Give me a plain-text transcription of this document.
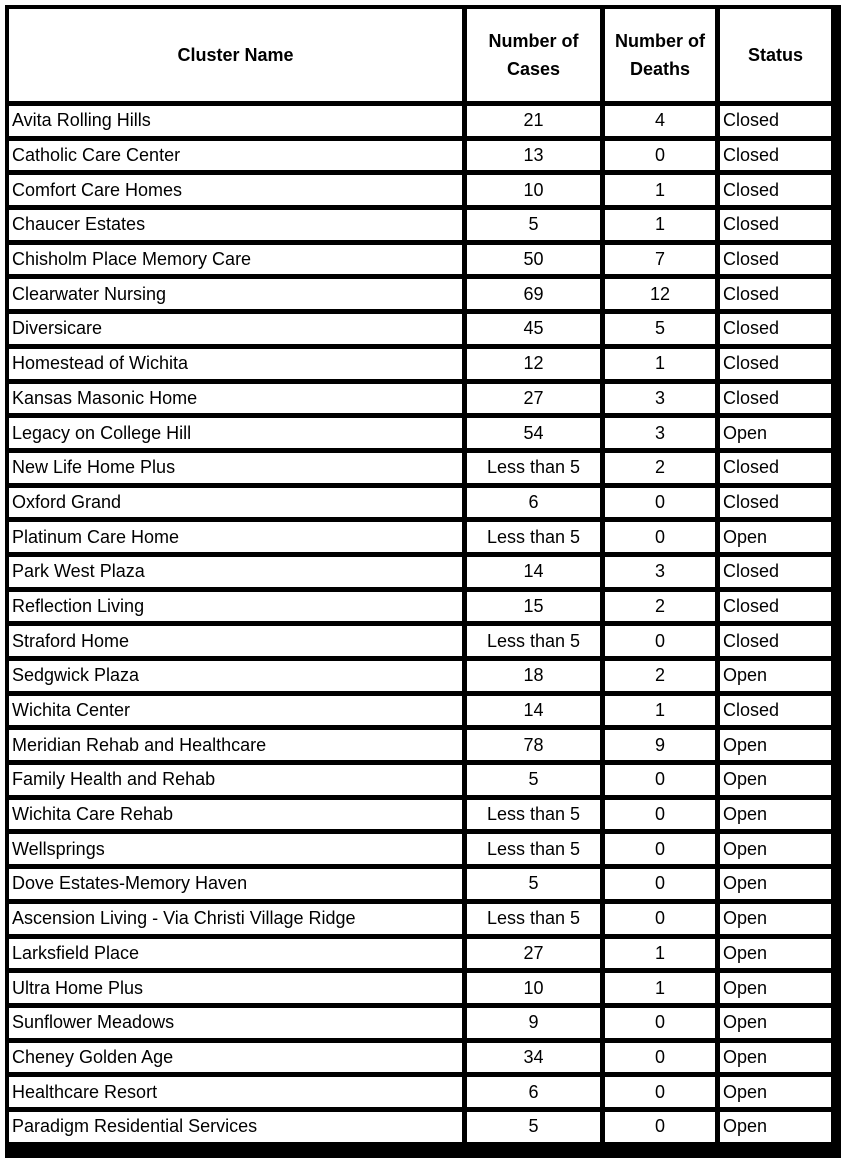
Cluster Name	Number of Cases	Number of Deaths	Status
Avita Rolling Hills	21	4	Closed
Catholic Care Center	13	0	Closed
Comfort Care Homes	10	1	Closed
Chaucer Estates	5	1	Closed
Chisholm Place Memory Care	50	7	Closed
Clearwater Nursing	69	12	Closed
Diversicare	45	5	Closed
Homestead of Wichita	12	1	Closed
Kansas Masonic Home	27	3	Closed
Legacy on College Hill	54	3	Open
New Life Home Plus	Less than 5	2	Closed
Oxford Grand	6	0	Closed
Platinum Care Home	Less than 5	0	Open
Park West Plaza	14	3	Closed
Reflection Living	15	2	Closed
Straford Home	Less than 5	0	Closed
Sedgwick Plaza	18	2	Open
Wichita Center	14	1	Closed
Meridian Rehab and Healthcare	78	9	Open
Family Health and Rehab	5	0	Open
Wichita Care Rehab	Less than 5	0	Open
Wellsprings	Less than 5	0	Open
Dove Estates-Memory Haven	5	0	Open
Ascension Living - Via Christi Village Ridge	Less than 5	0	Open
Larksfield Place	27	1	Open
Ultra Home Plus	10	1	Open
Sunflower Meadows	9	0	Open
Cheney Golden Age	34	0	Open
Healthcare Resort	6	0	Open
Paradigm Residential Services	5	0	Open
